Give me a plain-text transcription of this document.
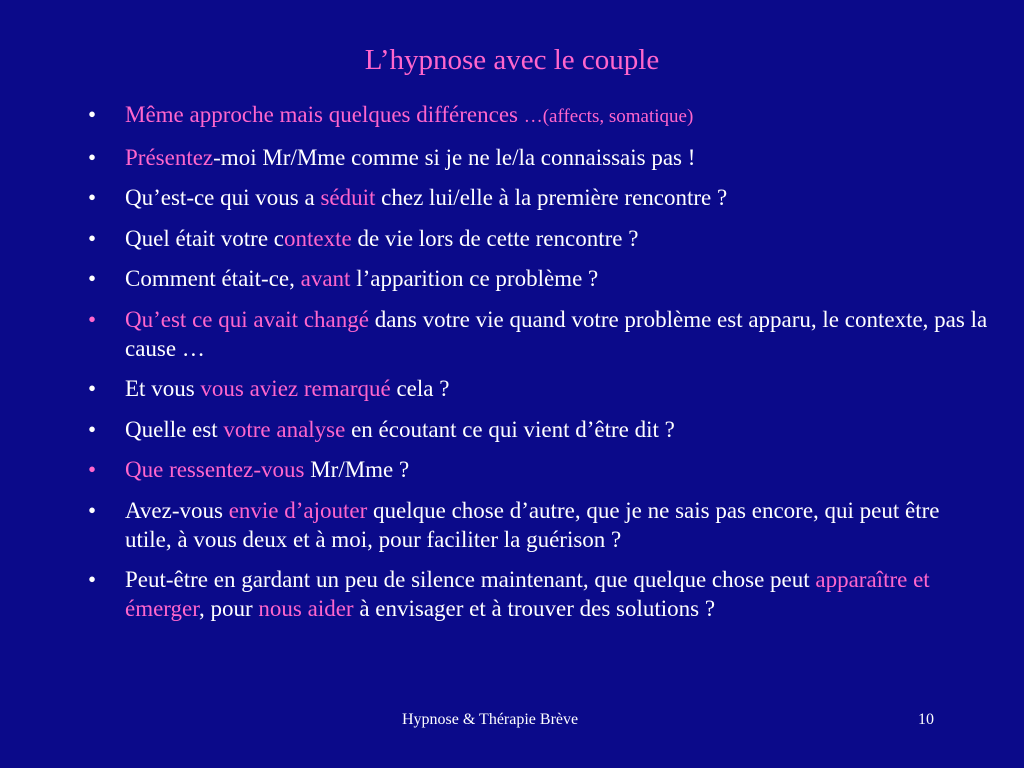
L’hypnose avec le couple
• Même approche mais quelques différences …(affects, somatique)
• Présentez-moi Mr/Mme comme si je ne le/la connaissais pas !
• Qu’est-ce qui vous a séduit chez lui/elle à la première rencontre ?
• Quel était votre contexte de vie lors de cette rencontre ?
• Comment était-ce, avant l’apparition ce problème ?
• Qu’est ce qui avait changé dans votre vie quand votre problème est apparu, le contexte, pas la cause …
• Et vous vous aviez remarqué cela ?
• Quelle est votre analyse en écoutant ce qui vient d’être dit ?
• Que ressentez-vous Mr/Mme ?
• Avez-vous envie d’ajouter quelque chose d’autre, que je ne sais pas encore, qui peut être utile, à vous deux et à moi, pour faciliter la guérison ?
• Peut-être en gardant un peu de silence maintenant, que quelque chose peut apparaître et émerger, pour nous aider à envisager et à trouver des solutions ?
Hypnose & Thérapie Brève	10
